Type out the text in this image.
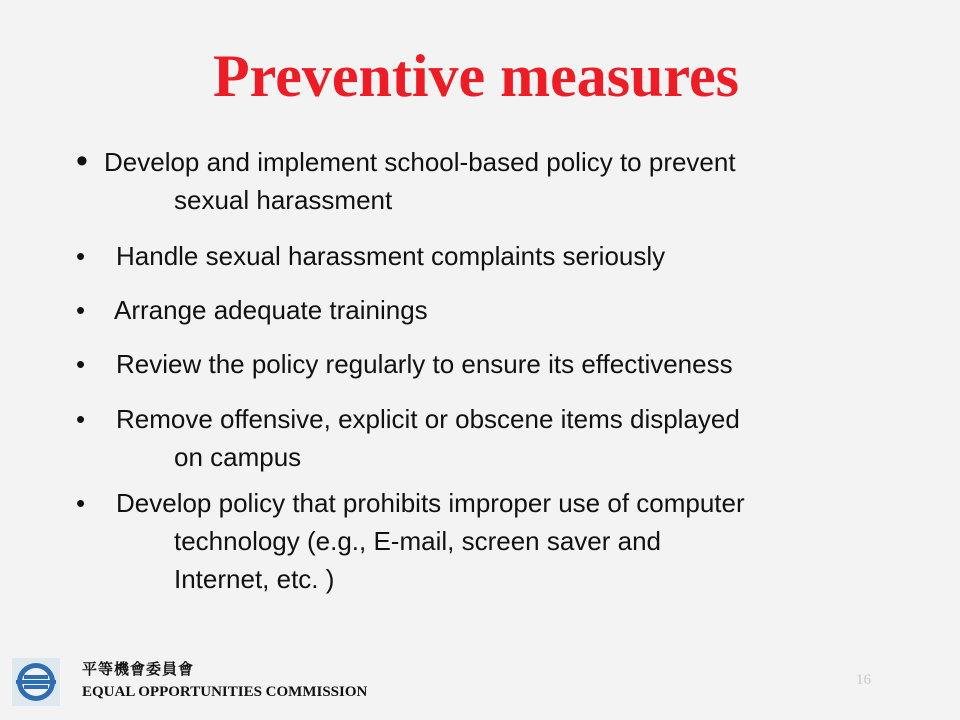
Preventive measures
• Develop and implement school-based policy to prevent
sexual harassment
• Handle sexual harassment complaints seriously
• Arrange adequate trainings
• Review the policy regularly to ensure its effectiveness
• Remove offensive, explicit or obscene items displayed
on campus
• Develop policy that prohibits improper use of computer
technology (e.g., E-mail, screen saver and
Internet, etc. )
平等機會委員會
EQUAL OPPORTUNITIES COMMISSION
16
